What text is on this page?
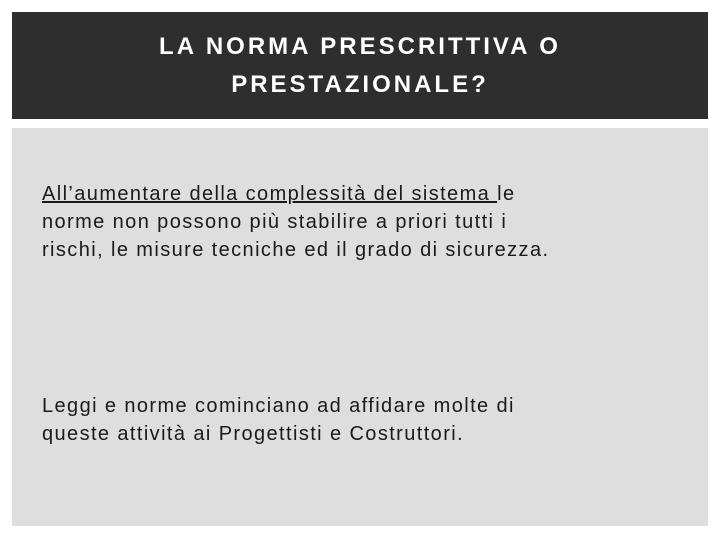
LA NORMA PRESCRITTIVA O
PRESTAZIONALE?

All’aumentare della complessità del sistema le
norme non possono più stabilire a priori tutti i
rischi, le misure tecniche ed il grado di sicurezza.

Leggi e norme cominciano ad affidare molte di
queste attività ai Progettisti e Costruttori.
